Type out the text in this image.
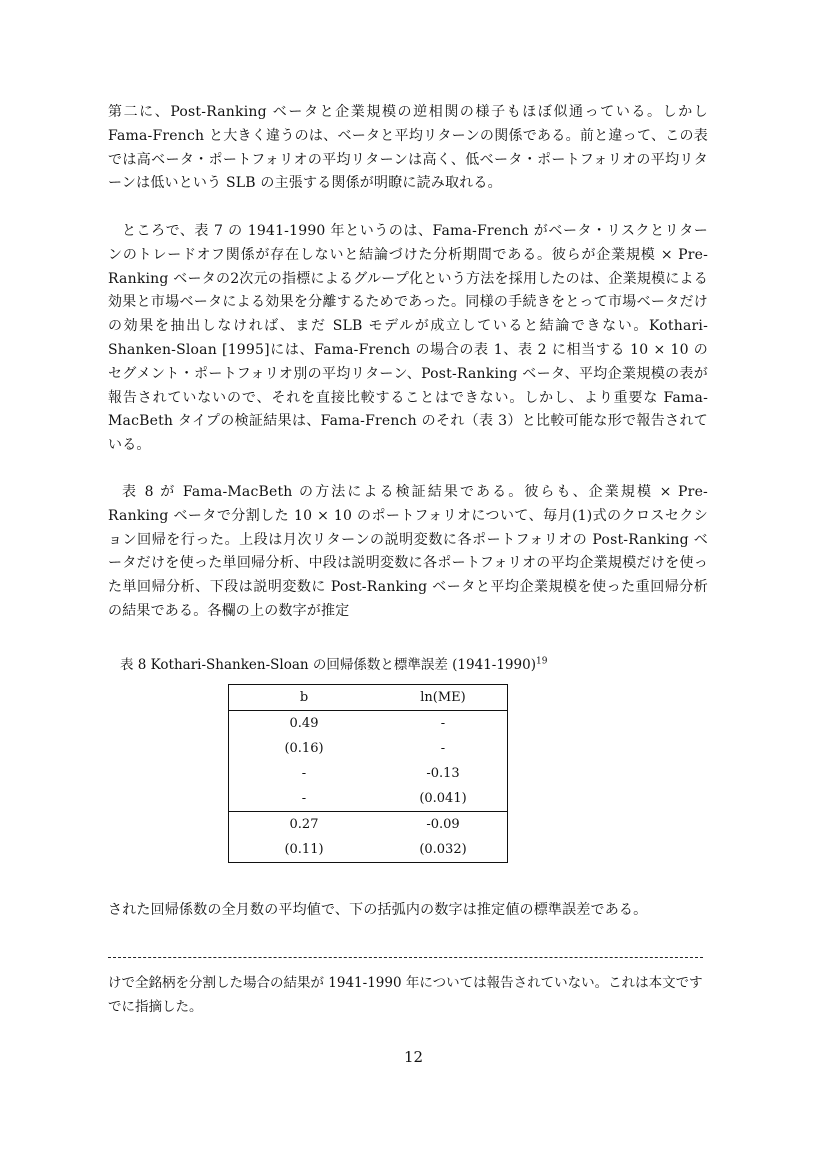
第二に、Post-Ranking ベータと企業規模の逆相関の様子もほぼ似通っている。しかし Fama-French と大きく違うのは、ベータと平均リターンの関係である。前と違って、この表では高ベータ・ポートフォリオの平均リターンは高く、低ベータ・ポートフォリオの平均リターンは低いという SLB の主張する関係が明瞭に読み取れる。
ところで、表 7 の 1941-1990 年というのは、Fama-French がベータ・リスクとリターンのトレードオフ関係が存在しないと結論づけた分析期間である。彼らが企業規模 × Pre-Ranking ベータの2次元の指標によるグループ化という方法を採用したのは、企業規模による効果と市場ベータによる効果を分離するためであった。同様の手続きをとって市場ベータだけの効果を抽出しなければ、まだ SLB モデルが成立していると結論できない。Kothari-Shanken-Sloan [1995]には、Fama-French の場合の表 1、表 2 に相当する 10 × 10 のセグメント・ポートフォリオ別の平均リターン、Post-Ranking ベータ、平均企業規模の表が報告されていないので、それを直接比較することはできない。しかし、より重要な Fama-MacBeth タイプの検証結果は、Fama-French のそれ（表 3）と比較可能な形で報告されている。
表 8 が Fama-MacBeth の方法による検証結果である。彼らも、企業規模 × Pre-Ranking ベータで分割した 10 × 10 のポートフォリオについて、毎月(1)式のクロスセクション回帰を行った。上段は月次リターンの説明変数に各ポートフォリオの Post-Ranking ベータだけを使った単回帰分析、中段は説明変数に各ポートフォリオの平均企業規模だけを使った単回帰分析、下段は説明変数に Post-Ranking ベータと平均企業規模を使った重回帰分析の結果である。各欄の上の数字が推定
表 8 Kothari-Shanken-Sloan の回帰係数と標準誤差 (1941-1990)$^{19}$
b	ln(ME)
0.49	-
(0.16)	-
-	-0.13
-	(0.041)
0.27	-0.09
(0.11)	(0.032)
された回帰係数の全月数の平均値で、下の括弧内の数字は推定値の標準誤差である。
けで全銘柄を分割した場合の結果が 1941-1990 年については報告されていない。これは本文ですでに指摘した。
12
